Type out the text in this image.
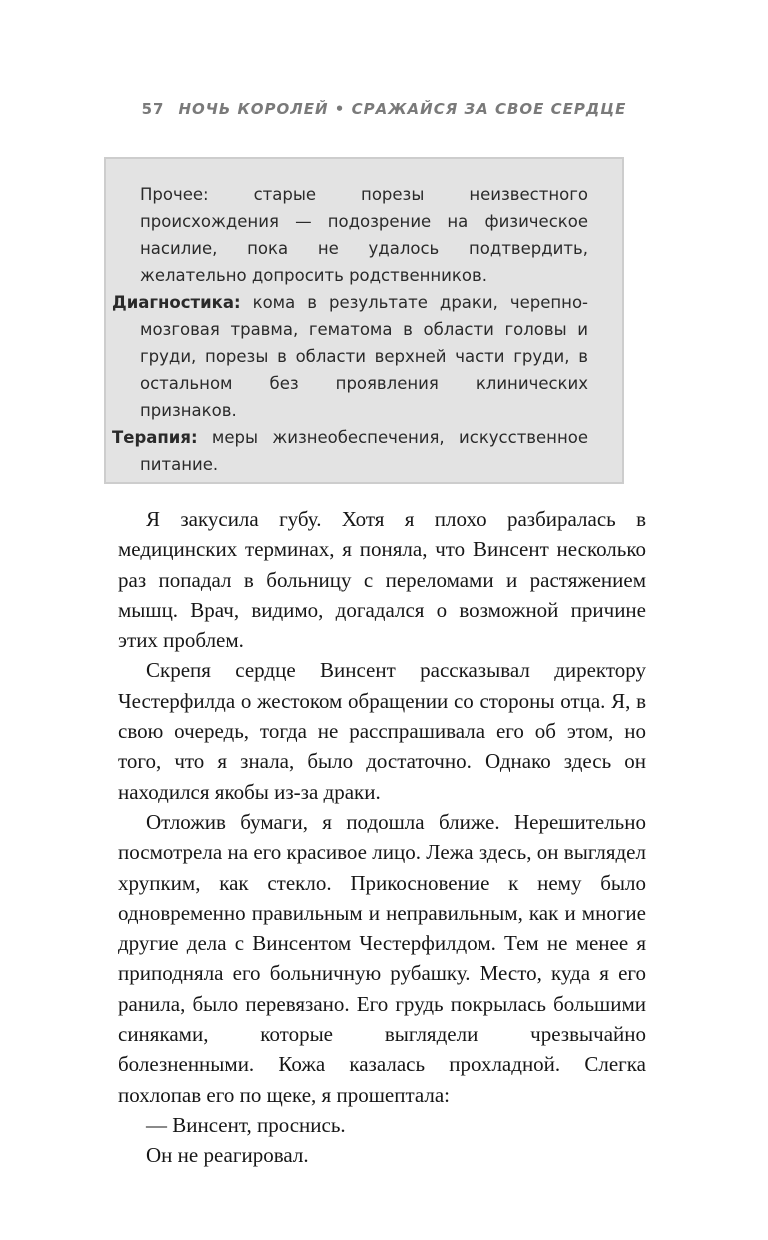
57 НОЧЬ КОРОЛЕЙ • СРАЖАЙСЯ ЗА СВОЕ СЕРДЦЕ

Прочее: старые порезы неизвестного происхождения — подозрение на физическое насилие, пока не удалось подтвердить, желательно допросить родственников.

Диагностика: кома в результате драки, черепно-мозговая травма, гематома в области головы и груди, порезы в области верхней части груди, в остальном без проявления клинических признаков.

Терапия: меры жизнеобеспечения, искусственное питание.

Я закусила губу. Хотя я плохо разбиралась в медицинских терминах, я поняла, что Винсент несколько раз попадал в больницу с переломами и растяжением мышц. Врач, видимо, догадался о возможной причине этих проблем.

Скрепя сердце Винсент рассказывал директору Честерфилда о жестоком обращении со стороны отца. Я, в свою очередь, тогда не расспрашивала его об этом, но того, что я знала, было достаточно. Однако здесь он находился якобы из-за драки.

Отложив бумаги, я подошла ближе. Нерешительно посмотрела на его красивое лицо. Лежа здесь, он выглядел хрупким, как стекло. Прикосновение к нему было одновременно правильным и неправильным, как и многие другие дела с Винсентом Честерфилдом. Тем не менее я приподняла его больничную рубашку. Место, куда я его ранила, было перевязано. Его грудь покрылась большими синяками, которые выглядели чрезвычайно болезненными. Кожа казалась прохладной. Слегка похлопав его по щеке, я прошептала:

— Винсент, проснись.

Он не реагировал.
